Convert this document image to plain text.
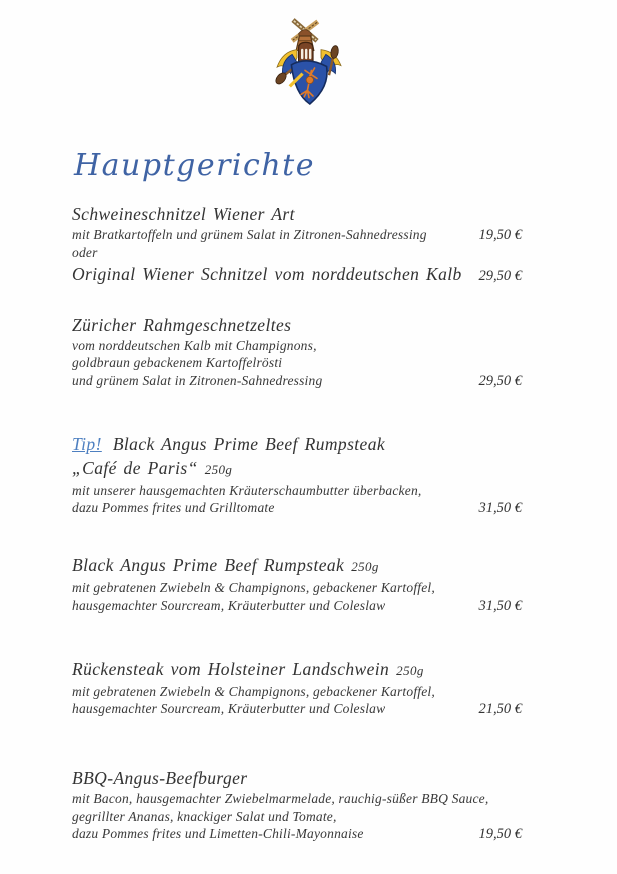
Hauptgerichte
Schweineschnitzel Wiener Art
mit Bratkartoffeln und grünem Salat in Zitronen-Sahnedressing	19,50 €
oder
Original Wiener Schnitzel vom norddeutschen Kalb	29,50 €
Züricher Rahmgeschnetzeltes
vom norddeutschen Kalb mit Champignons,
goldbraun gebackenem Kartoffelrösti
und grünem Salat in Zitronen-Sahnedressing	29,50 €
Tip! Black Angus Prime Beef Rumpsteak
„Café de Paris“ 250g
mit unserer hausgemachten Kräuterschaumbutter überbacken,
dazu Pommes frites und Grilltomate	31,50 €
Black Angus Prime Beef Rumpsteak 250g
mit gebratenen Zwiebeln & Champignons, gebackener Kartoffel,
hausgemachter Sourcream, Kräuterbutter und Coleslaw	31,50 €
Rückensteak vom Holsteiner Landschwein 250g
mit gebratenen Zwiebeln & Champignons, gebackener Kartoffel,
hausgemachter Sourcream, Kräuterbutter und Coleslaw	21,50 €
BBQ-Angus-Beefburger
mit Bacon, hausgemachter Zwiebelmarmelade, rauchig-süßer BBQ Sauce,
gegrillter Ananas, knackiger Salat und Tomate,
dazu Pommes frites und Limetten-Chili-Mayonnaise	19,50 €
